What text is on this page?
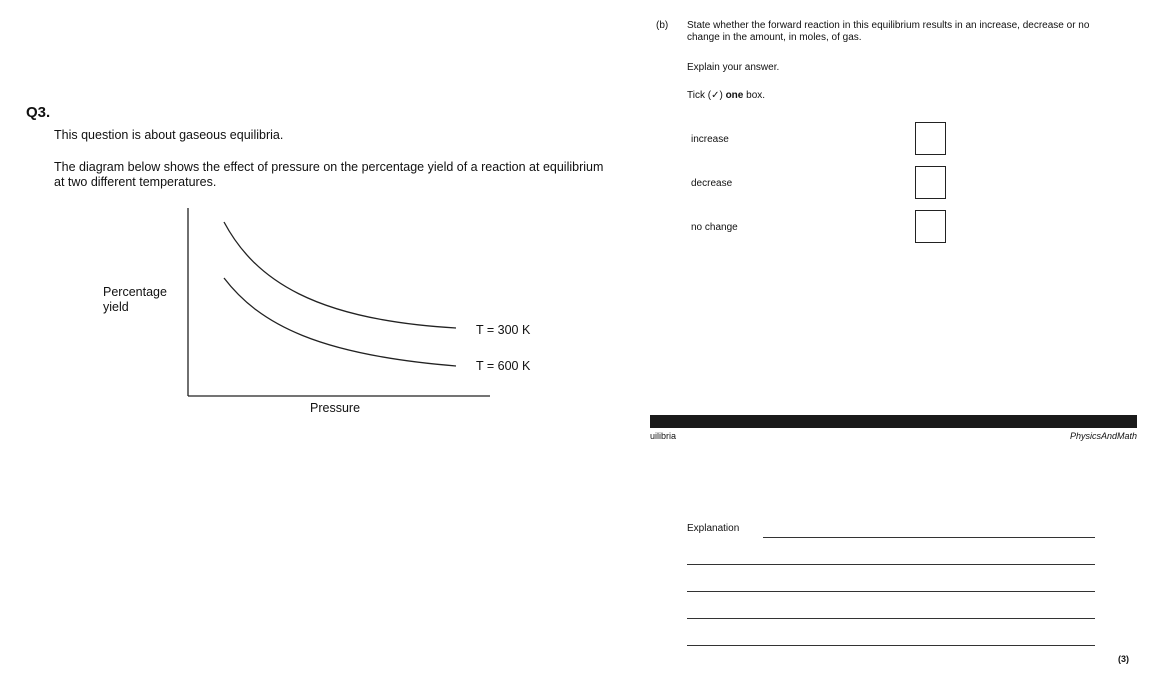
Q3.
This question is about gaseous equilibria.
The diagram below shows the effect of pressure on the percentage yield of a reaction at equilibrium at two different temperatures.
Percentage
yield
Pressure
T = 300 K
T = 600 K
(b) State whether the forward reaction in this equilibrium results in an increase, decrease or no change in the amount, in moles, of gas.
Explain your answer.
Tick (✓) one box.
increase
decrease
no change
uilibria	PhysicsAndMath
Explanation
(3)
